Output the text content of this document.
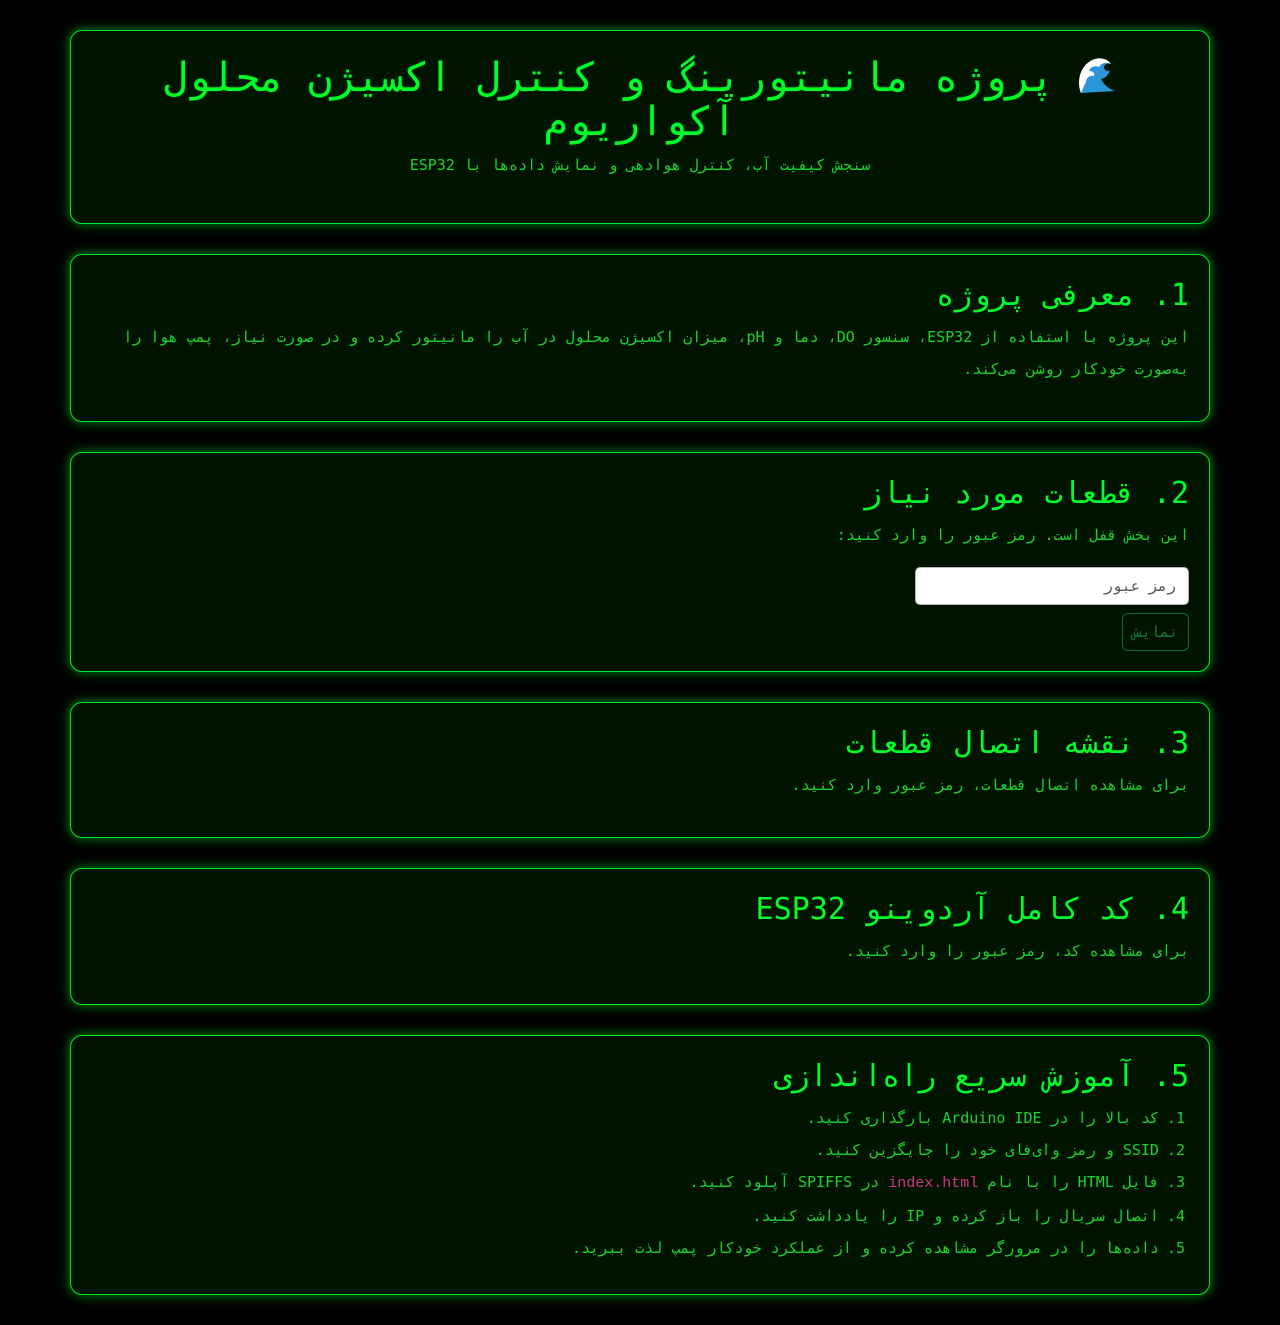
پروژه مانیتورینگ و کنترل اکسیژن محلول آکواریوم
سنجش کیفیت آب، کنترل هوادهی و نمایش داده‌ها با ESP32
1. معرفی پروژه

این پروژه با استفاده از ESP32، سنسور DO، دما و pH، میزان اکسیژن محلول در آب را مانیتور کرده و در صورت نیاز، پمپ هوا را به‌صورت خودکار روشن می‌کند.

2. قطعات مورد نیاز

این بخش قفل است. رمز عبور را وارد کنید:

نمایش
3. نقشه اتصال قطعات

برای مشاهده اتصال قطعات، رمز عبور وارد کنید.

4. کد کامل آردوینو ESP32

برای مشاهده کد، رمز عبور را وارد کنید.

5. آموزش سریع راه‌اندازی
1.کد بالا را در Arduino IDE بارگذاری کنید.
2.SSID و رمز وای‌فای خود را جایگزین کنید.
3.فایل HTML را با نام index.html در SPIFFS آپلود کنید.
4.اتصال سریال را باز کرده و IP را یادداشت کنید.
5.داده‌ها را در مرورگر مشاهده کرده و از عملکرد خودکار پمپ لذت ببرید.
